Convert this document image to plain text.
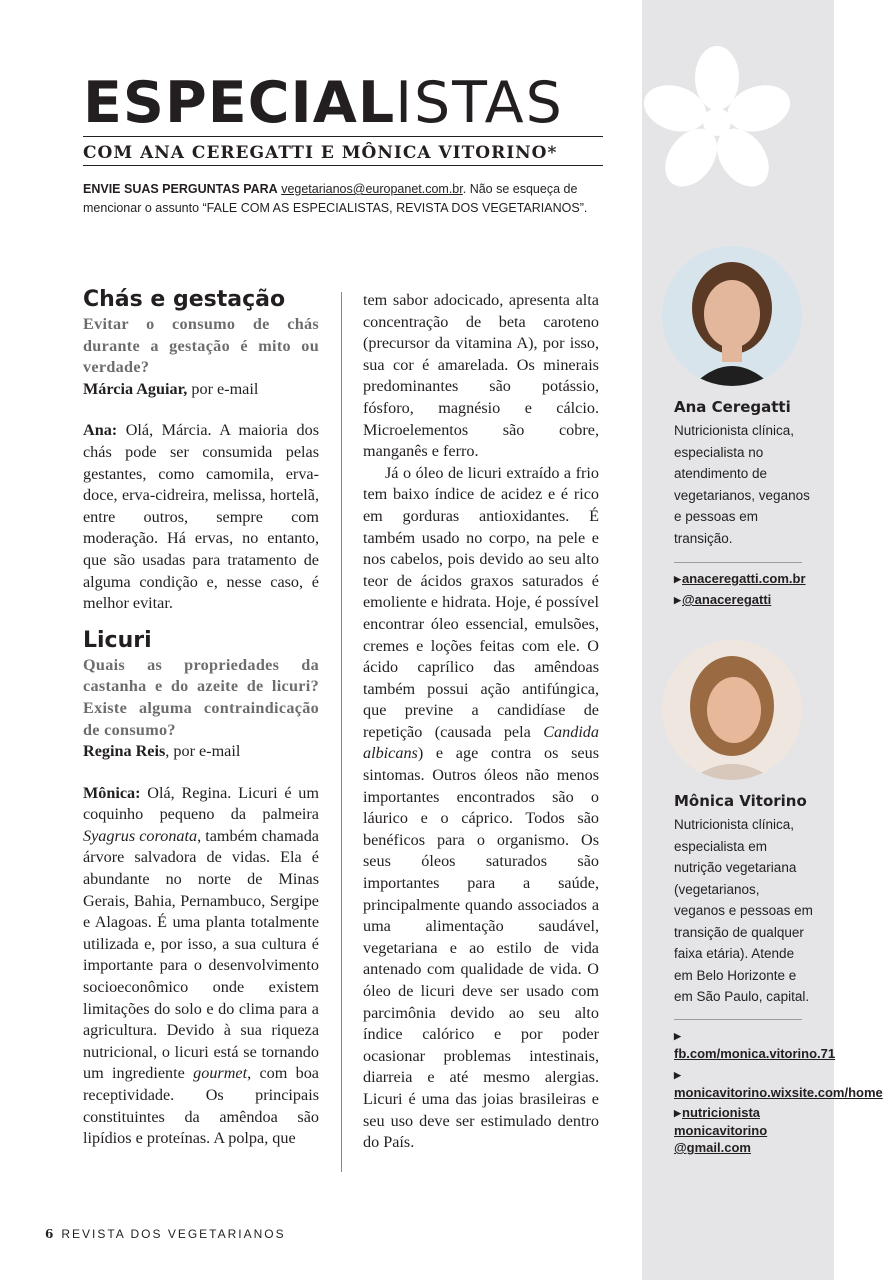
ESPECIALISTAS
COM ANA CEREGATTI E MÔNICA VITORINO*
ENVIE SUAS PERGUNTAS PARA vegetarianos@europanet.com.br. Não se esqueça de mencionar o assunto “FALE COM AS ESPECIALISTAS, REVISTA DOS VEGETARIANOS”.
Chás e gestação

Evitar o consumo de chás durante a gestação é mito ou verdade?

Márcia Aguiar, por e-mail

Ana: Olá, Márcia. A maioria dos chás pode ser consumida pelas gestantes, como camomila, erva-doce, erva-cidreira, melissa, hortelã, entre outros, sempre com moderação. Há ervas, no entanto, que são usadas para tratamento de alguma condição e, nesse caso, é melhor evitar.

Licuri

Quais as propriedades da castanha e do azeite de licuri? Existe alguma contraindicação de consumo?

Regina Reis, por e-mail

Mônica: Olá, Regina. Licuri é um coquinho pequeno da palmeira Syagrus coronata, também chamada árvore salvadora de vidas. Ela é abundante no norte de Minas Gerais, Bahia, Pernambuco, Sergipe e Alagoas. É uma planta totalmente utilizada e, por isso, a sua cultura é importante para o desenvolvimento socioeconômico onde existem limitações do solo e do clima para a agricultura. Devido à sua riqueza nutricional, o licuri está se tornando um ingrediente gourmet, com boa receptividade. Os principais constituintes da amêndoa são lipídios e proteínas. A polpa, que

tem sabor adocicado, apresenta alta concentração de beta caroteno (precursor da vitamina A), por isso, sua cor é amarelada. Os minerais predominantes são potássio, fósforo, magnésio e cálcio. Microelementos são cobre, manganês e ferro.

Já o óleo de licuri extraído a frio tem baixo índice de acidez e é rico em gorduras antioxidantes. É também usado no corpo, na pele e nos cabelos, pois devido ao seu alto teor de ácidos graxos saturados é emoliente e hidrata. Hoje, é possível encontrar óleo essencial, emulsões, cremes e loções feitas com ele. O ácido caprílico das amêndoas também possui ação antifúngica, que previne a candidíase de repetição (causada pela Candida albicans) e age contra os seus sintomas. Outros óleos não menos importantes encontrados são o láurico e o cáprico. Todos são benéficos para o organismo. Os seus óleos saturados são importantes para a saúde, principalmente quando associados a uma alimentação saudável, vegetariana e ao estilo de vida antenado com qualidade de vida. O óleo de licuri deve ser usado com parcimônia devido ao seu alto índice calórico e por poder ocasionar problemas intestinais, diarreia e até mesmo alergias. Licuri é uma das joias brasileiras e seu uso deve ser estimulado dentro do País.

Ana Ceregatti
Nutricionista clínica, especialista no atendimento de vegetarianos, veganos e pessoas em transição.
▶anaceregatti.com.br
▶@anaceregatti
Mônica Vitorino
Nutricionista clínica, especialista em nutrição vegetariana (vegetarianos, veganos e pessoas em transição de qualquer faixa etária). Atende em Belo Horizonte e em São Paulo, capital.
▶fb.com/monica.vitorino.71
▶monicavitorino.wixsite.com/home
▶nutricionista monicavitorino @gmail.com
6 REVISTA DOS VEGETARIANOS
